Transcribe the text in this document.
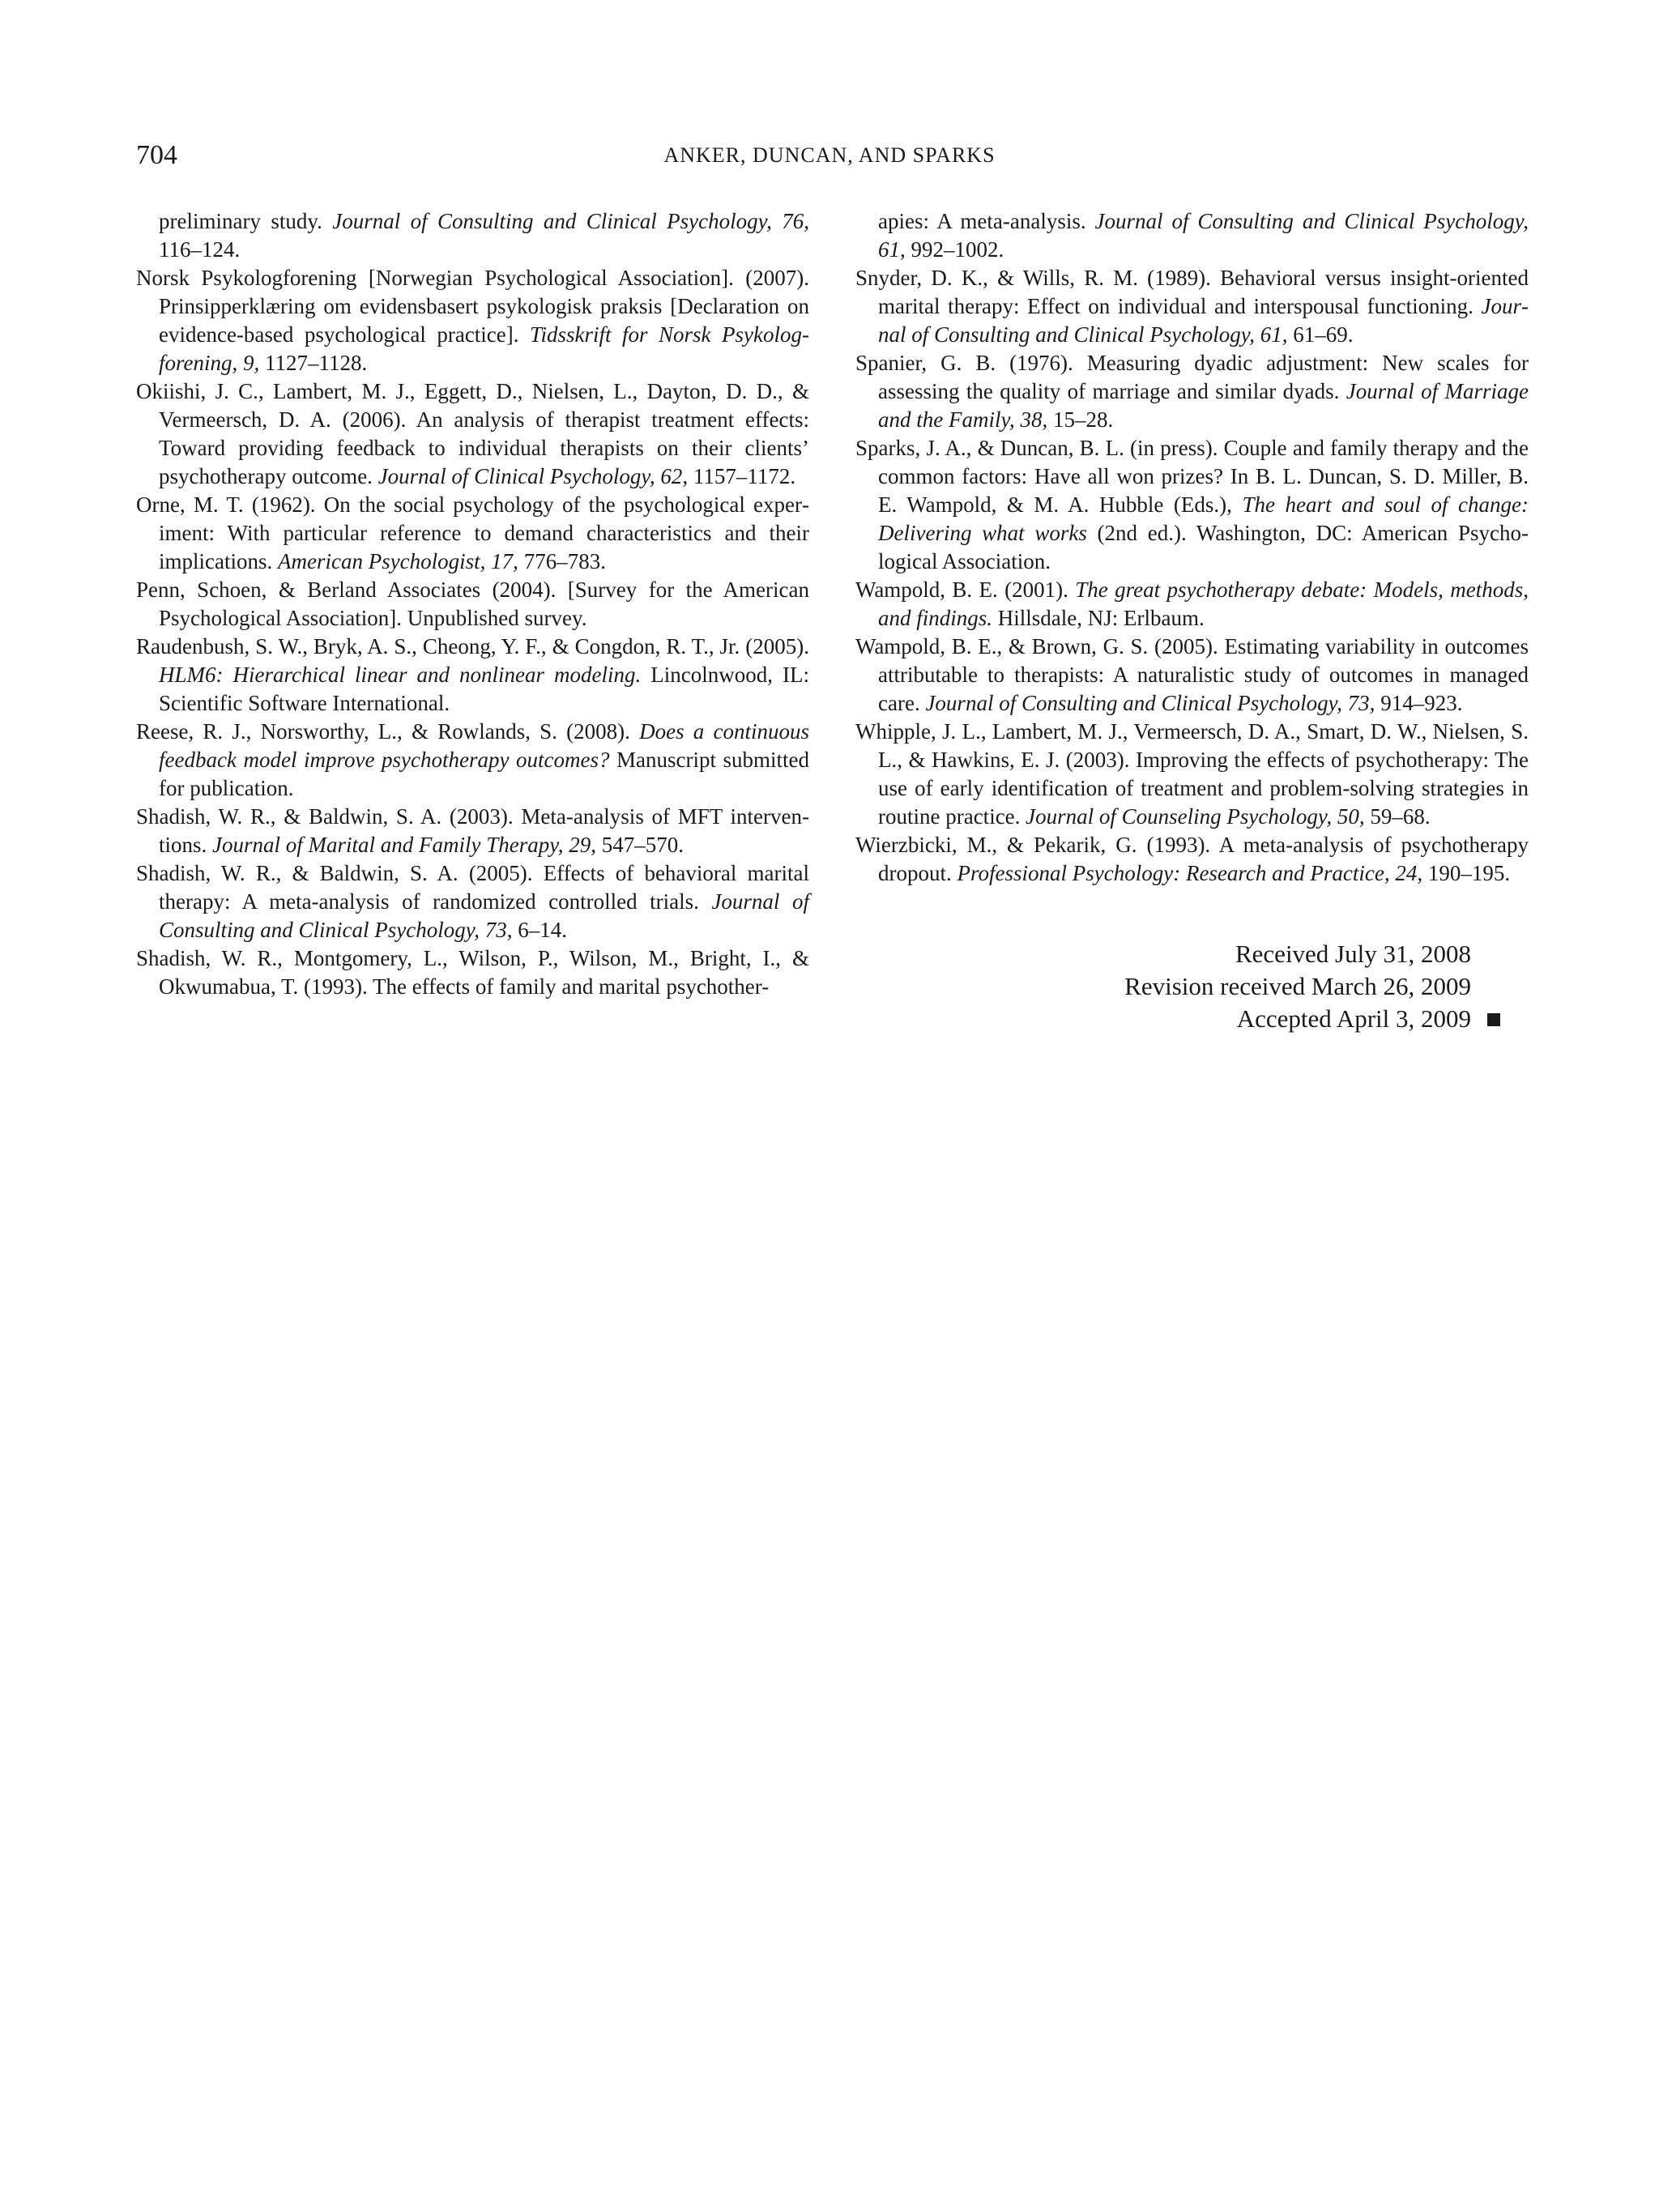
704	ANKER, DUNCAN, AND SPARKS

preliminary study. Journal of Consulting and Clinical Psychology, 76, 116–124.

Norsk Psykologforening [Norwegian Psychological Association]. (2007). Prinsipperklæring om evidensbasert psykologisk praksis [Declaration on evidence-based psychological practice]. Tidsskrift for Norsk Psykologforening, 9, 1127–1128.

Okiishi, J. C., Lambert, M. J., Eggett, D., Nielsen, L., Dayton, D. D., & Vermeersch, D. A. (2006). An analysis of therapist treatment effects: Toward providing feedback to individual therapists on their clients’ psychotherapy outcome. Journal of Clinical Psychology, 62, 1157–1172.

Orne, M. T. (1962). On the social psychology of the psychological experiment: With particular reference to demand characteristics and their implications. American Psychologist, 17, 776–783.

Penn, Schoen, & Berland Associates (2004). [Survey for the American Psychological Association]. Unpublished survey.

Raudenbush, S. W., Bryk, A. S., Cheong, Y. F., & Congdon, R. T., Jr. (2005). HLM6: Hierarchical linear and nonlinear modeling. Lincolnwood, IL: Scientific Software International.

Reese, R. J., Norsworthy, L., & Rowlands, S. (2008). Does a continuous feedback model improve psychotherapy outcomes? Manuscript submitted for publication.

Shadish, W. R., & Baldwin, S. A. (2003). Meta-analysis of MFT interventions. Journal of Marital and Family Therapy, 29, 547–570.

Shadish, W. R., & Baldwin, S. A. (2005). Effects of behavioral marital therapy: A meta-analysis of randomized controlled trials. Journal of Consulting and Clinical Psychology, 73, 6–14.

Shadish, W. R., Montgomery, L., Wilson, P., Wilson, M., Bright, I., & Okwumabua, T. (1993). The effects of family and marital psychother-

apies: A meta-analysis. Journal of Consulting and Clinical Psychology, 61, 992–1002.

Snyder, D. K., & Wills, R. M. (1989). Behavioral versus insight-oriented marital therapy: Effect on individual and interspousal functioning. Journal of Consulting and Clinical Psychology, 61, 61–69.

Spanier, G. B. (1976). Measuring dyadic adjustment: New scales for assessing the quality of marriage and similar dyads. Journal of Marriage and the Family, 38, 15–28.

Sparks, J. A., & Duncan, B. L. (in press). Couple and family therapy and the common factors: Have all won prizes? In B. L. Duncan, S. D. Miller, B. E. Wampold, & M. A. Hubble (Eds.), The heart and soul of change: Delivering what works (2nd ed.). Washington, DC: American Psychological Association.

Wampold, B. E. (2001). The great psychotherapy debate: Models, methods, and findings. Hillsdale, NJ: Erlbaum.

Wampold, B. E., & Brown, G. S. (2005). Estimating variability in outcomes attributable to therapists: A naturalistic study of outcomes in managed care. Journal of Consulting and Clinical Psychology, 73, 914–923.

Whipple, J. L., Lambert, M. J., Vermeersch, D. A., Smart, D. W., Nielsen, S. L., & Hawkins, E. J. (2003). Improving the effects of psychotherapy: The use of early identification of treatment and problem-solving strategies in routine practice. Journal of Counseling Psychology, 50, 59–68.

Wierzbicki, M., & Pekarik, G. (1993). A meta-analysis of psychotherapy dropout. Professional Psychology: Research and Practice, 24, 190–195.

Received July 31, 2008
Revision received March 26, 2009
Accepted April 3, 2009
